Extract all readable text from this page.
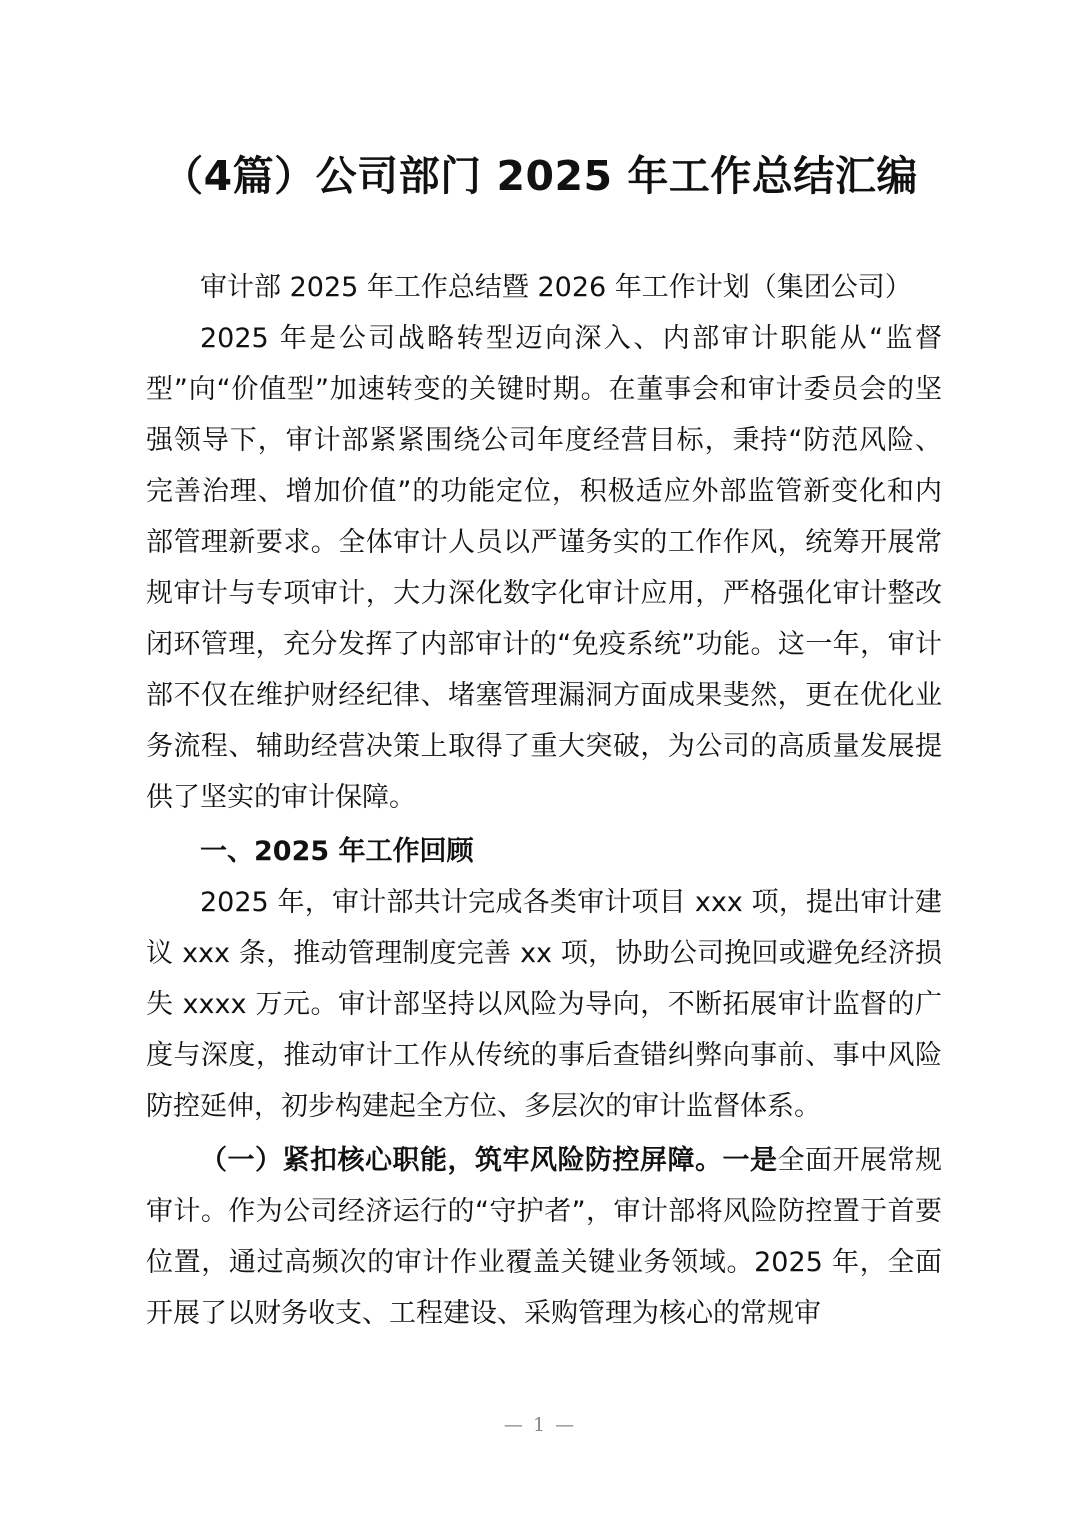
（4篇）公司部门 2025 年工作总结汇编

审计部 2025 年工作总结暨 2026 年工作计划（集团公司）

2025 年是公司战略转型迈向深入、内部审计职能从“监督型”向“价值型”加速转变的关键时期。在董事会和审计委员会的坚强领导下，审计部紧紧围绕公司年度经营目标，秉持“防范风险、完善治理、增加价值”的功能定位，积极适应外部监管新变化和内部管理新要求。全体审计人员以严谨务实的工作作风，统筹开展常规审计与专项审计，大力深化数字化审计应用，严格强化审计整改闭环管理，充分发挥了内部审计的“免疫系统”功能。这一年，审计部不仅在维护财经纪律、堵塞管理漏洞方面成果斐然，更在优化业务流程、辅助经营决策上取得了重大突破，为公司的高质量发展提供了坚实的审计保障。

一、2025 年工作回顾

2025 年，审计部共计完成各类审计项目 xxx 项，提出审计建议 xxx 条，推动管理制度完善 xx 项，协助公司挽回或避免经济损失 xxxx 万元。审计部坚持以风险为导向，不断拓展审计监督的广度与深度，推动审计工作从传统的事后查错纠弊向事前、事中风险防控延伸，初步构建起全方位、多层次的审计监督体系。

（一）紧扣核心职能，筑牢风险防控屏障。一是全面开展常规审计。作为公司经济运行的“守护者”，审计部将风险防控置于首要位置，通过高频次的审计作业覆盖关键业务领域。2025 年，全面开展了以财务收支、工程建设、采购管理为核心的常规审

— 1 —
